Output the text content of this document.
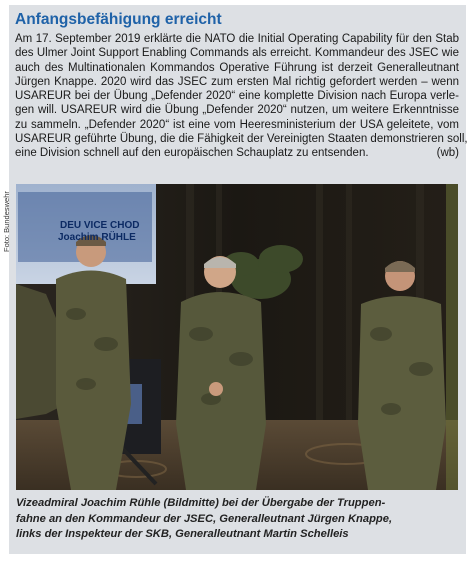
Anfangsbefähigung erreicht
Am 17. September 2019 erklärte die NATO die Initial Operating Capability für den Stab
des Ulmer Joint Support Enabling Commands als erreicht. Kommandeur des JSEC wie
auch des Multinationalen Kommandos Operative Führung ist derzeit Generalleutnant
Jürgen Knappe. 2020 wird das JSEC zum ersten Mal richtig gefordert werden – wenn
USAREUR bei der Übung „Defender 2020“ eine komplette Division nach Europa verle-
gen will. USAREUR wird die Übung „Defender 2020“ nutzen, um weitere Erkenntnisse
zu sammeln. „Defender 2020“ ist eine vom Heeresministerium der USA geleitete, vom
USAREUR geführte Übung, die die Fähigkeit der Vereinigten Staaten demonstrieren soll,
eine Division schnell auf den europäischen Schauplatz zu entsenden.	(wb)
Foto: Bundeswehr	DEU VICE CHOD
Joachim RÜHLE
Vizeadmiral Joachim Rühle (Bildmitte) bei der Übergabe der Truppen-
fahne an den Kommandeur der JSEC, Generalleutnant Jürgen Knappe,
links der Inspekteur der SKB, Generalleutnant Martin Schelleis
